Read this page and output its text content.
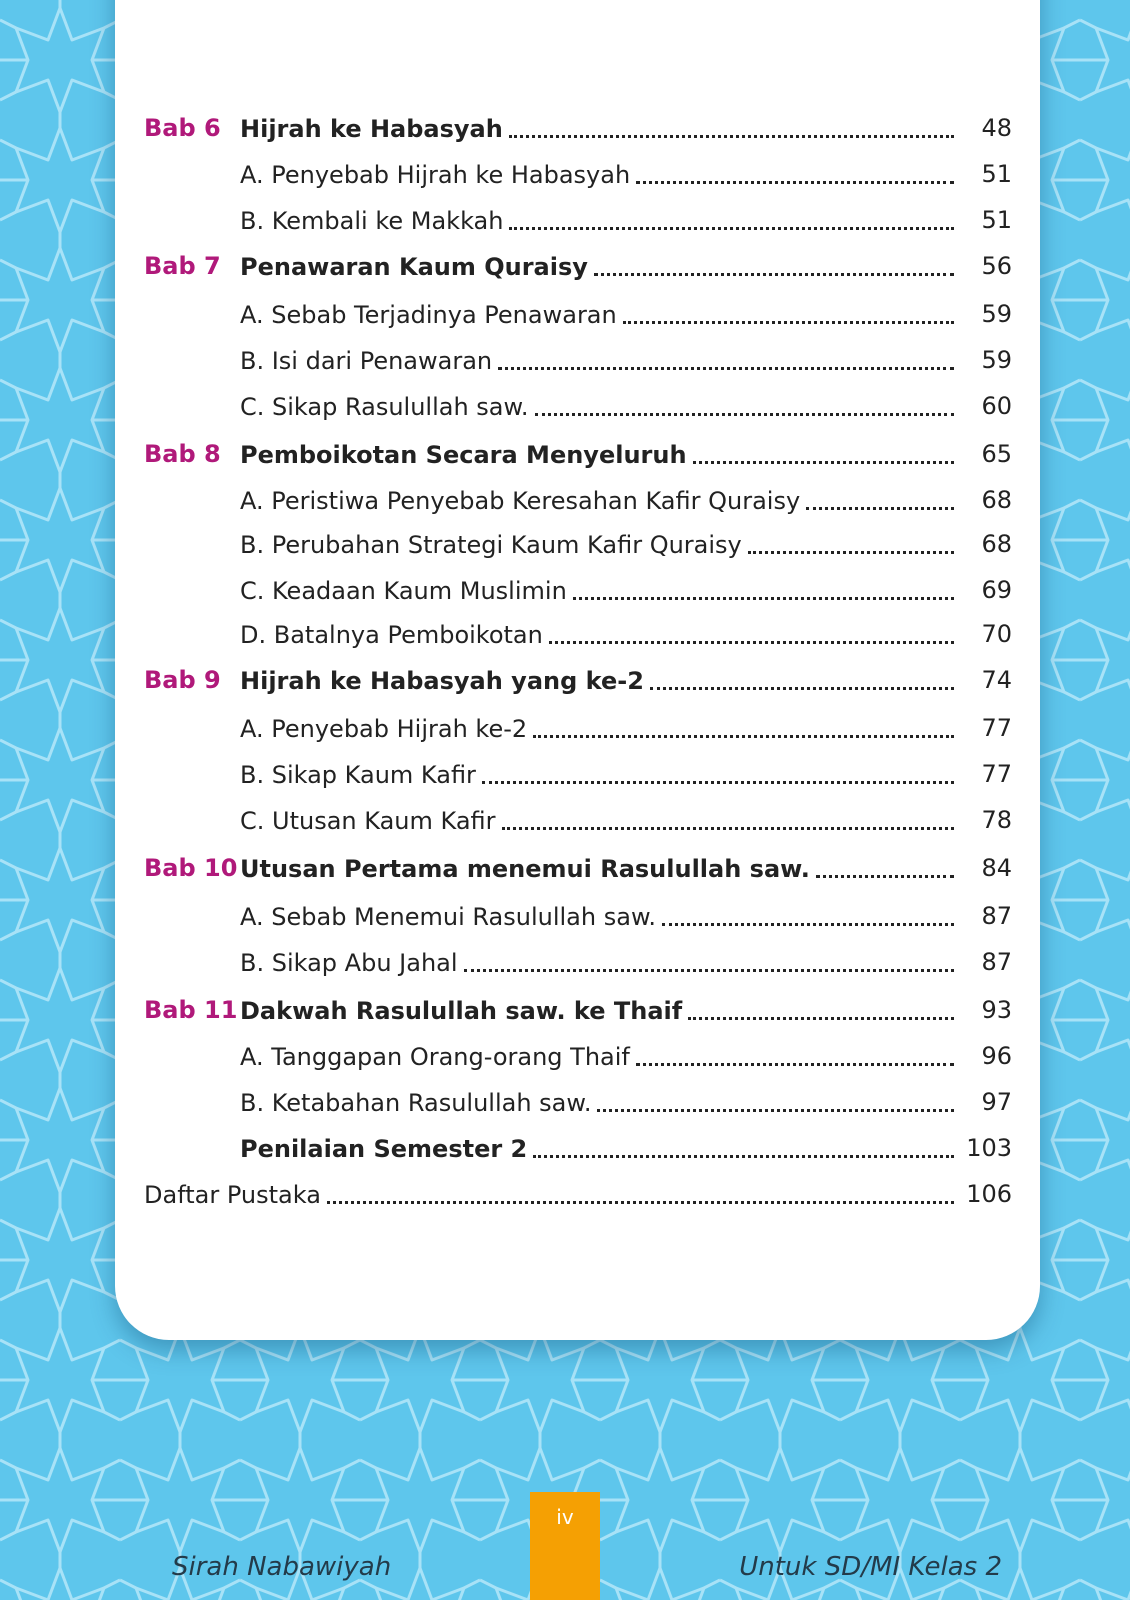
Bab 6 Hijrah ke Habasyah	48
A. Penyebab Hijrah ke Habasyah	51
B. Kembali ke Makkah	51
Bab 7 Penawaran Kaum Quraisy	56
A. Sebab Terjadinya Penawaran	59
B. Isi dari Penawaran	59
C. Sikap Rasulullah saw.	60
Bab 8 Pemboikotan Secara Menyeluruh	65
A. Peristiwa Penyebab Keresahan Kafir Quraisy	68
B. Perubahan Strategi Kaum Kafir Quraisy	68
C. Keadaan Kaum Muslimin	69
D. Batalnya Pemboikotan	70
Bab 9 Hijrah ke Habasyah yang ke-2	74
A. Penyebab Hijrah ke-2	77
B. Sikap Kaum Kafir	77
C. Utusan Kaum Kafir	78
Bab 10 Utusan Pertama menemui Rasulullah saw.	84
A. Sebab Menemui Rasulullah saw.	87
B. Sikap Abu Jahal	87
Bab 11 Dakwah Rasulullah saw. ke Thaif	93
A. Tanggapan Orang-orang Thaif	96
B. Ketabahan Rasulullah saw.	97
Penilaian Semester 2	103
Daftar Pustaka	106
iv
Sirah Nabawiyah	Untuk SD/MI Kelas 2
